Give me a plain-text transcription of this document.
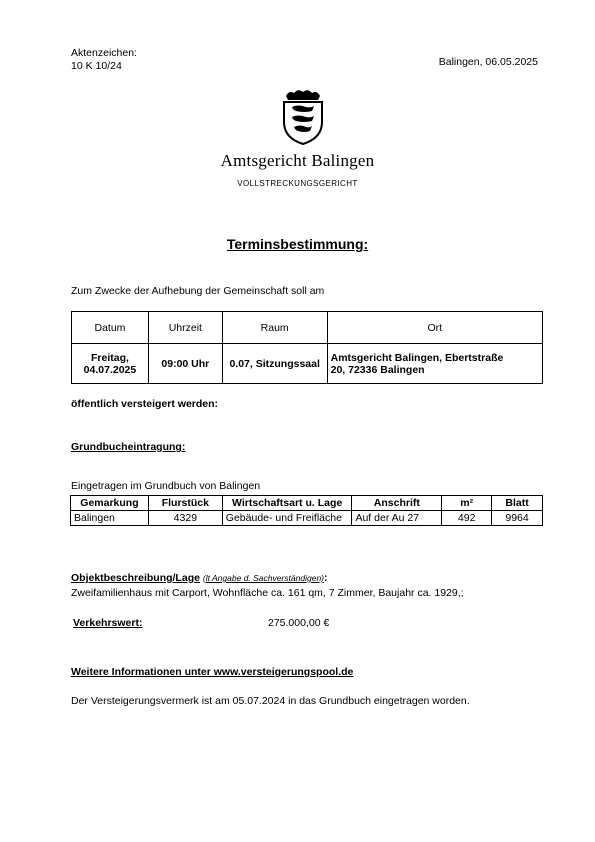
Aktenzeichen:
10 K 10/24	Balingen, 06.05.2025
Amtsgericht Balingen
VOLLSTRECKUNGSGERICHT
Terminsbestimmung:
Zum Zwecke der Aufhebung der Gemeinschaft soll am
Datum	Uhrzeit	Raum	Ort
Freitag,
04.07.2025	09:00 Uhr	0.07, Sitzungssaal	Amtsgericht Balingen, Ebertstraße
20, 72336 Balingen
öffentlich versteigert werden:
Grundbucheintragung:
Eingetragen im Grundbuch von Balingen
Gemarkung	Flurstück	Wirtschaftsart u. Lage	Anschrift	m²	Blatt
Balingen	4329	Gebäude- und Freifläche	Auf der Au 27	492	9964
Objektbeschreibung/Lage (lt Angabe d. Sachverständigen):
Zweifamilienhaus mit Carport, Wohnfläche ca. 161 qm, 7 Zimmer, Baujahr ca. 1929,;
Verkehrswert:	275.000,00 €
Weitere Informationen unter www.versteigerungspool.de
Der Versteigerungsvermerk ist am 05.07.2024 in das Grundbuch eingetragen worden.
